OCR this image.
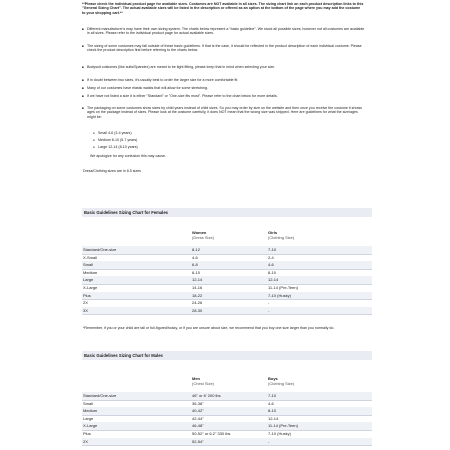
**Please check the individual product page for available sizes. Costumes are NOT available in all sizes. The sizing chart link on each product description links to this "General Sizing Chart". The actual available sizes will be listed in the description or offered as an option at the bottom of the page where you may add the costume to your shopping cart.**
■ Different manufacturer's may have their own sizing system. The charts below represent a "basic guideline". We stock all possible sizes; however not all costumes are available in all sizes. Please refer to the individual product page for actual available sizes.
■ The sizing of some costumes may fall outside of these basic guidelines. If that is the case, it should be reflected in the product description of each individual costume. Please check the product description first before referring to the charts below.
■ Bodysuit costumes (like suits/Spandex) are meant to be tight fitting, please keep that in mind when selecting your size.
■ If in doubt between two sizes, it's usually best to order the larger size for a more comfortable fit.
■ Many of our costumes have elastic waists that will allow for some stretching.
■ If we have not listed a size it is either "Standard" or "One-size fits most". Please refer to the chart below for more details.
■ The packaging on some costumes show sizes by child years instead of child sizes. So you may order by size on the website and then once you receive the costume it shows ages on the package instead of sizes. Please look at the costume carefully, it does NOT mean that the wrong size was shipped. Here are guidelines for what the size/ages might be:
● Small 4-6 (3-4 years)
● Medium 8-10 (5-7 years)
● Large 12-14 (8-10 years)
We apologize for any confusion this may cause.
Dress/Clothing sizes are in 8.5 sizes
Basic Guidelines Sizing Chart for Females
Women
(Dress Size)
Girls
(Clothing Size)
Standard/One-size	8-12	7-10
X-Small	4-6	2-4
Small	6-8	4-6
Medium	8-10	8-10
Large	12-14	12-14
X-Large	14-16	11-14 (Pre-Teen)
Plus	18-22	7-10 (Husky)
2X	24-26	-
3X	28-30	-
*Remember, if you or your child are tall or full-figured/husky, or if you are unsure about size, we recommend that you buy one size larger than you normally do.
Basic Guidelines Sizing Chart for Males
Men
(Chest Size)
Boys
(Clothing Size)
Standard/One-size	46" or 6' 200 lbs	7-10
Small	36-38"	4-6
Medium	40-42"	8-10
Large	42-44"	12-14
X-Large	46-48"	11-14 (Pre-Teen)
Plus	50-52" or 6.2" 330 lbs	7-10 (Husky)
2X	52-54"	-
